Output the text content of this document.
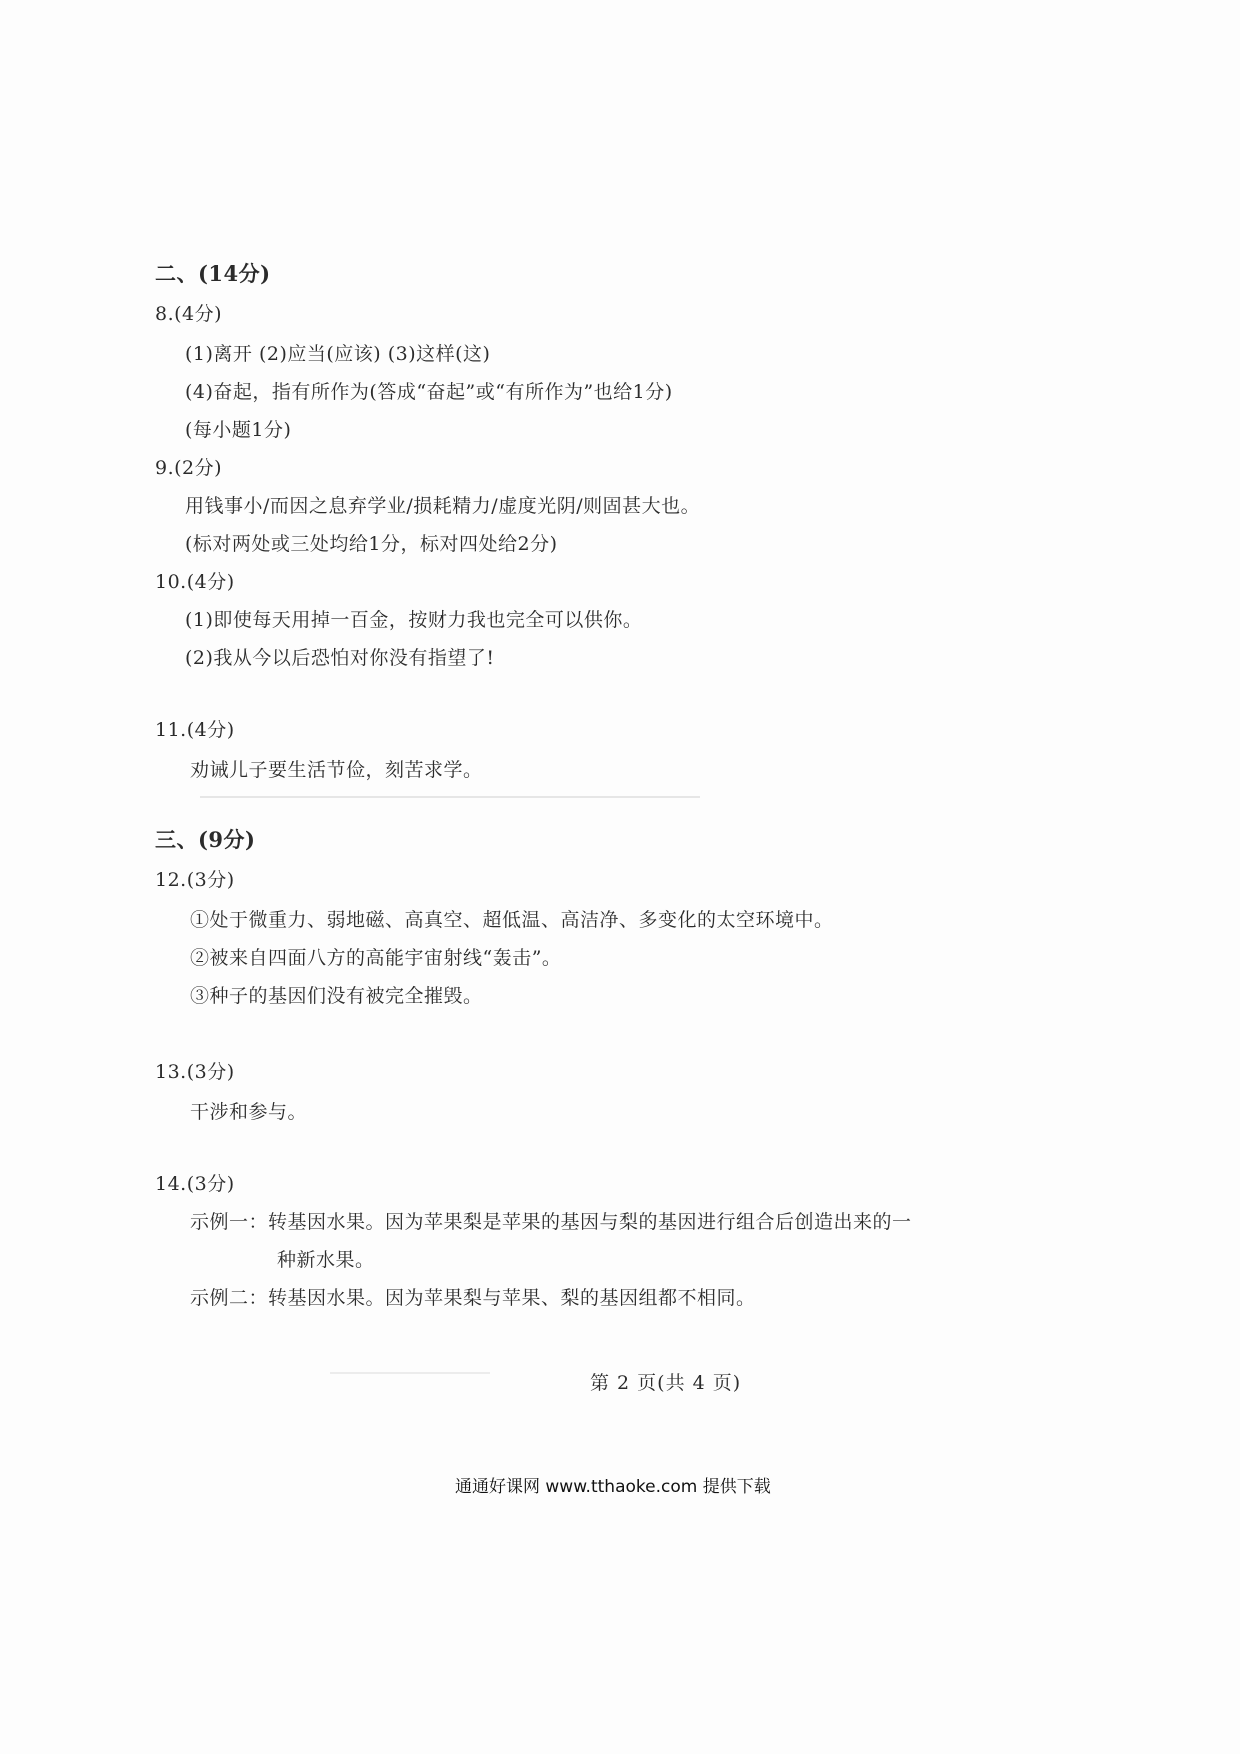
二、(14分)
8.(4分)
(1)离开 (2)应当(应该) (3)这样(这)
(4)奋起，指有所作为(答成“奋起”或“有所作为”也给1分)
(每小题1分)
9.(2分)
用钱事小/而因之息弃学业/损耗精力/虚度光阴/则固甚大也。
(标对两处或三处均给1分，标对四处给2分)
10.(4分)
(1)即使每天用掉一百金，按财力我也完全可以供你。
(2)我从今以后恐怕对你没有指望了!
11.(4分)
劝诫儿子要生活节俭，刻苦求学。
三、(9分)
12.(3分)
①处于微重力、弱地磁、高真空、超低温、高洁净、多变化的太空环境中。
②被来自四面八方的高能宇宙射线“轰击”。
③种子的基因们没有被完全摧毁。
13.(3分)
干涉和参与。
14.(3分)
示例一：转基因水果。因为苹果梨是苹果的基因与梨的基因进行组合后创造出来的一
种新水果。
示例二：转基因水果。因为苹果梨与苹果、梨的基因组都不相同。
第 2 页(共 4 页)
通通好课网 www.tthaoke.com 提供下载
